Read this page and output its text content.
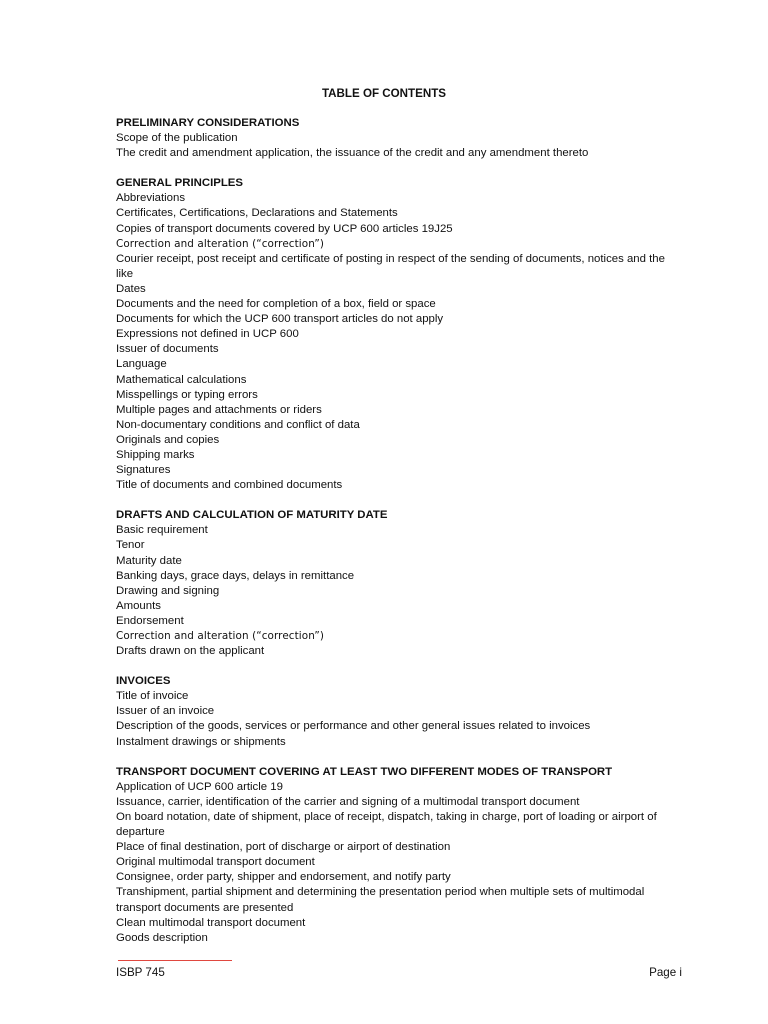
TABLE OF CONTENTS
PRELIMINARY CONSIDERATIONS
Scope of the publication
The credit and amendment application, the issuance of the credit and any amendment thereto
GENERAL PRINCIPLES
Abbreviations
Certificates, Certifications, Declarations and Statements
Copies of transport documents covered by UCP 600 articles 19J25
Correction and alteration (“correction”)
Courier receipt, post receipt and certificate of posting in respect of the sending of documents, notices and the like
Dates
Documents and the need for completion of a box, field or space
Documents for which the UCP 600 transport articles do not apply
Expressions not defined in UCP 600
Issuer of documents
Language
Mathematical calculations
Misspellings or typing errors
Multiple pages and attachments or riders
Non-documentary conditions and conflict of data
Originals and copies
Shipping marks
Signatures
Title of documents and combined documents
DRAFTS AND CALCULATION OF MATURITY DATE
Basic requirement
Tenor
Maturity date
Banking days, grace days, delays in remittance
Drawing and signing
Amounts
Endorsement
Correction and alteration (“correction”)
Drafts drawn on the applicant
INVOICES
Title of invoice
Issuer of an invoice
Description of the goods, services or performance and other general issues related to invoices
Instalment drawings or shipments
TRANSPORT DOCUMENT COVERING AT LEAST TWO DIFFERENT MODES OF TRANSPORT
Application of UCP 600 article 19
Issuance, carrier, identification of the carrier and signing of a multimodal transport document
On board notation, date of shipment, place of receipt, dispatch, taking in charge, port of loading or airport of departure
Place of final destination, port of discharge or airport of destination
Original multimodal transport document
Consignee, order party, shipper and endorsement, and notify party
Transhipment, partial shipment and determining the presentation period when multiple sets of multimodal transport documents are presented
Clean multimodal transport document
Goods description
ISBP 745	Page i
